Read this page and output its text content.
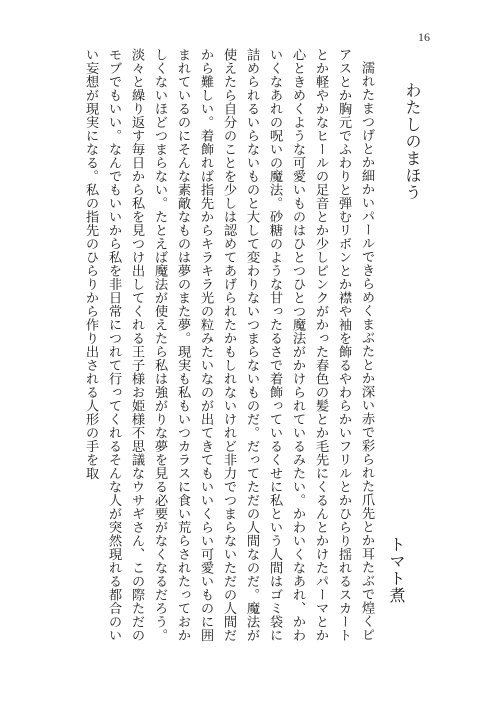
16
わたしのまほう
トマト煮

濡れたまつげとか細かいパールできらめくまぶたとか深い赤で彩られた爪先とか耳たぶで煌くピアスとか胸元でふわりと弾むリボンとか襟や袖を飾るやわらかいフリルとかひらり揺れるスカートとか軽やかなヒールの足音とか少しピンクがかった春色の髪とか毛先にくるんとかけたパーマとか心ときめくような可愛いものはひとつひとつ魔法がかけられているみたい。かわいくなあれ、かわいくなあれの呪いの魔法。砂糖のような甘ったるさで着飾っているくせに私という人間はゴミ袋に詰められるいらないものと大して変わりないつまらないものだ。だってただの人間なのだ。魔法が使えたら自分のことを少しは認めてあげられたかもしれないけれど非力でつまらないただの人間だから難しい。着飾れば指先からキラキラ光の粒みたいなのが出てきてもいいくらい可愛いものに囲まれているのにそんな素敵なものは夢のまた夢。現実も私もいつカラスに食い荒らされたっておかしくないほどつまらない。たとえば魔法が使えたら私は強がりな夢を見る必要がなくなるだろう。淡々と繰り返す毎日から私を見つけ出してくれる王子様お姫様不思議なウサギさん、この際ただのモブでもいい。なんでもいいから私を非日常につれて行ってくれるそんな人が突然現れる都合のいい妄想が現実になる。私の指先のひらりから作り出される人形の手を取
